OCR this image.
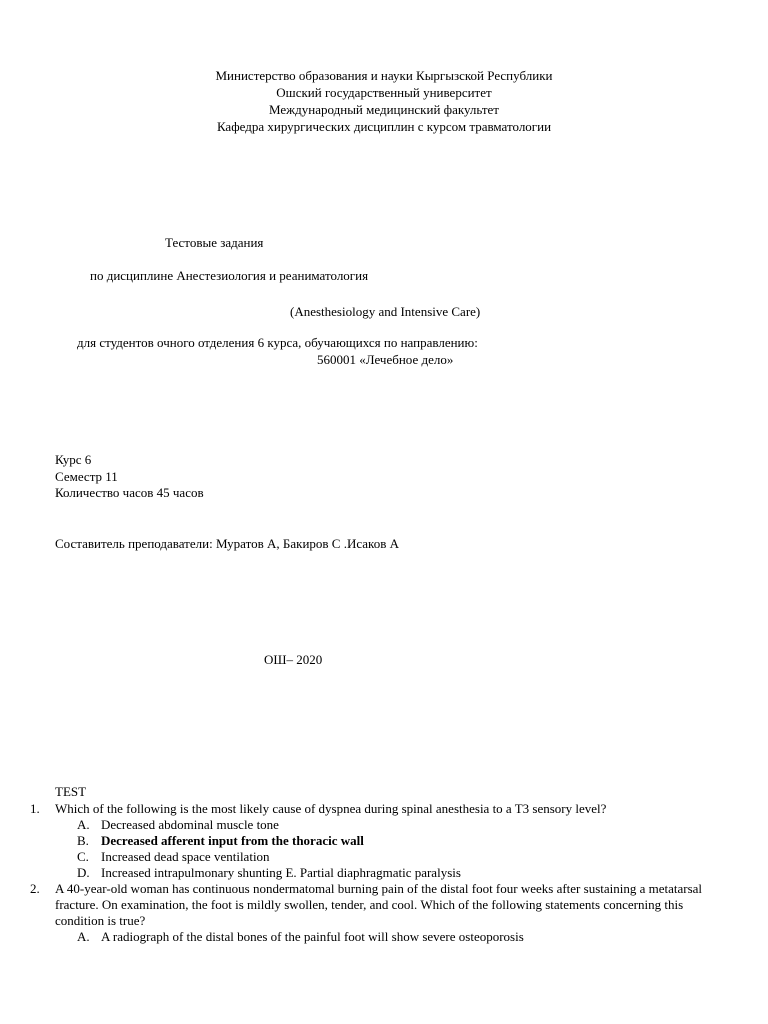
Министерство образования и науки Кыргызской Республики
Ошский государственный университет
Международный медицинский факультет
Кафедра хирургических дисциплин с курсом травматологии
Тестовые задания
по дисциплине Анестезиология и реаниматология
(Anesthesiology and Intensive Care)
для студентов очного отделения 6 курса, обучающихся по направлению:
560001 «Лечебное дело»
Курс 6
Семестр 11
Количество часов 45 часов
Составитель преподаватели: Муратов А, Бакиров С .Исаков А
ОШ– 2020
TEST
1. Which of the following is the most likely cause of dyspnea during spinal anesthesia to a T3 sensory level?
A. Decreased abdominal muscle tone
B. Decreased afferent input from the thoracic wall
C. Increased dead space ventilation
D. Increased intrapulmonary shunting E. Partial diaphragmatic paralysis
2. A 40-year-old woman has continuous nondermatomal burning pain of the distal foot four weeks after sustaining a metatarsal fracture. On examination, the foot is mildly swollen, tender, and cool. Which of the following statements concerning this condition is true?
A. A radiograph of the distal bones of the painful foot will show severe osteoporosis
